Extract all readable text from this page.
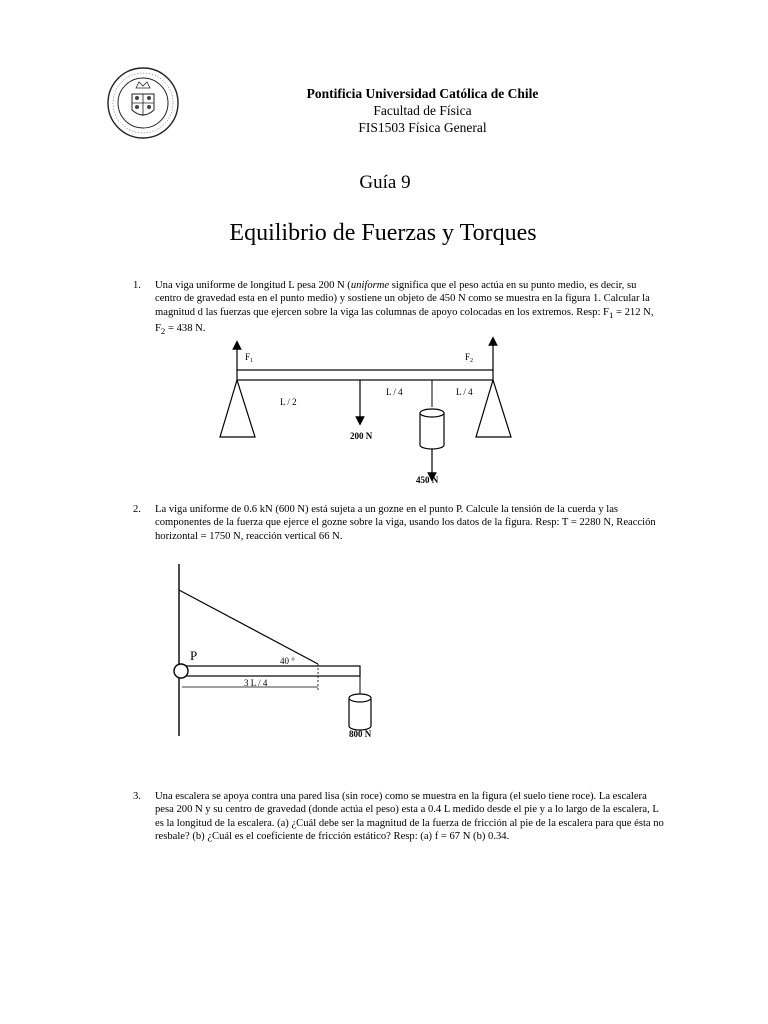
Pontificia Universidad Católica de Chile
Facultad de Física
FIS1503 Física General
Guía 9
Equilibrio de Fuerzas y Torques
1. Una viga uniforme de longitud L pesa 200 N (uniforme significa que el peso actúa en su punto medio, es decir, su centro de gravedad esta en el punto medio) y sostiene un objeto de 450 N como se muestra en la figura 1. Calcular la magnitud d las fuerzas que ejercen sobre la viga las columnas de apoyo colocadas en los extremos. Resp: $F_1 = 212$ N, $F_2 = 438$ N.
$F_1$	$F_2$
L / 2
L / 4	L / 4
200 N
450 N
2. La viga uniforme de 0.6 kN (600 N) está sujeta a un gozne en el punto P. Calcule la tensión de la cuerda y las componentes de la fuerza que ejerce el gozne sobre la viga, usando los datos de la figura. Resp: T = 2280 N, Reacción horizontal = 1750 N, reacción vertical 66 N.
P	40 °
3 L / 4
800 N
3. Una escalera se apoya contra una pared lisa (sin roce) como se muestra en la figura (el suelo tiene roce). La escalera pesa 200 N y su centro de gravedad (donde actúa el peso) esta a 0.4 L medido desde el pie y a lo largo de la escalera, L es la longitud de la escalera. (a) ¿Cuál debe ser la magnitud de la fuerza de fricción al pie de la escalera para que ésta no resbale? (b) ¿Cuál es el coeficiente de fricción estático? Resp: (a) f = 67 N (b) 0.34.
